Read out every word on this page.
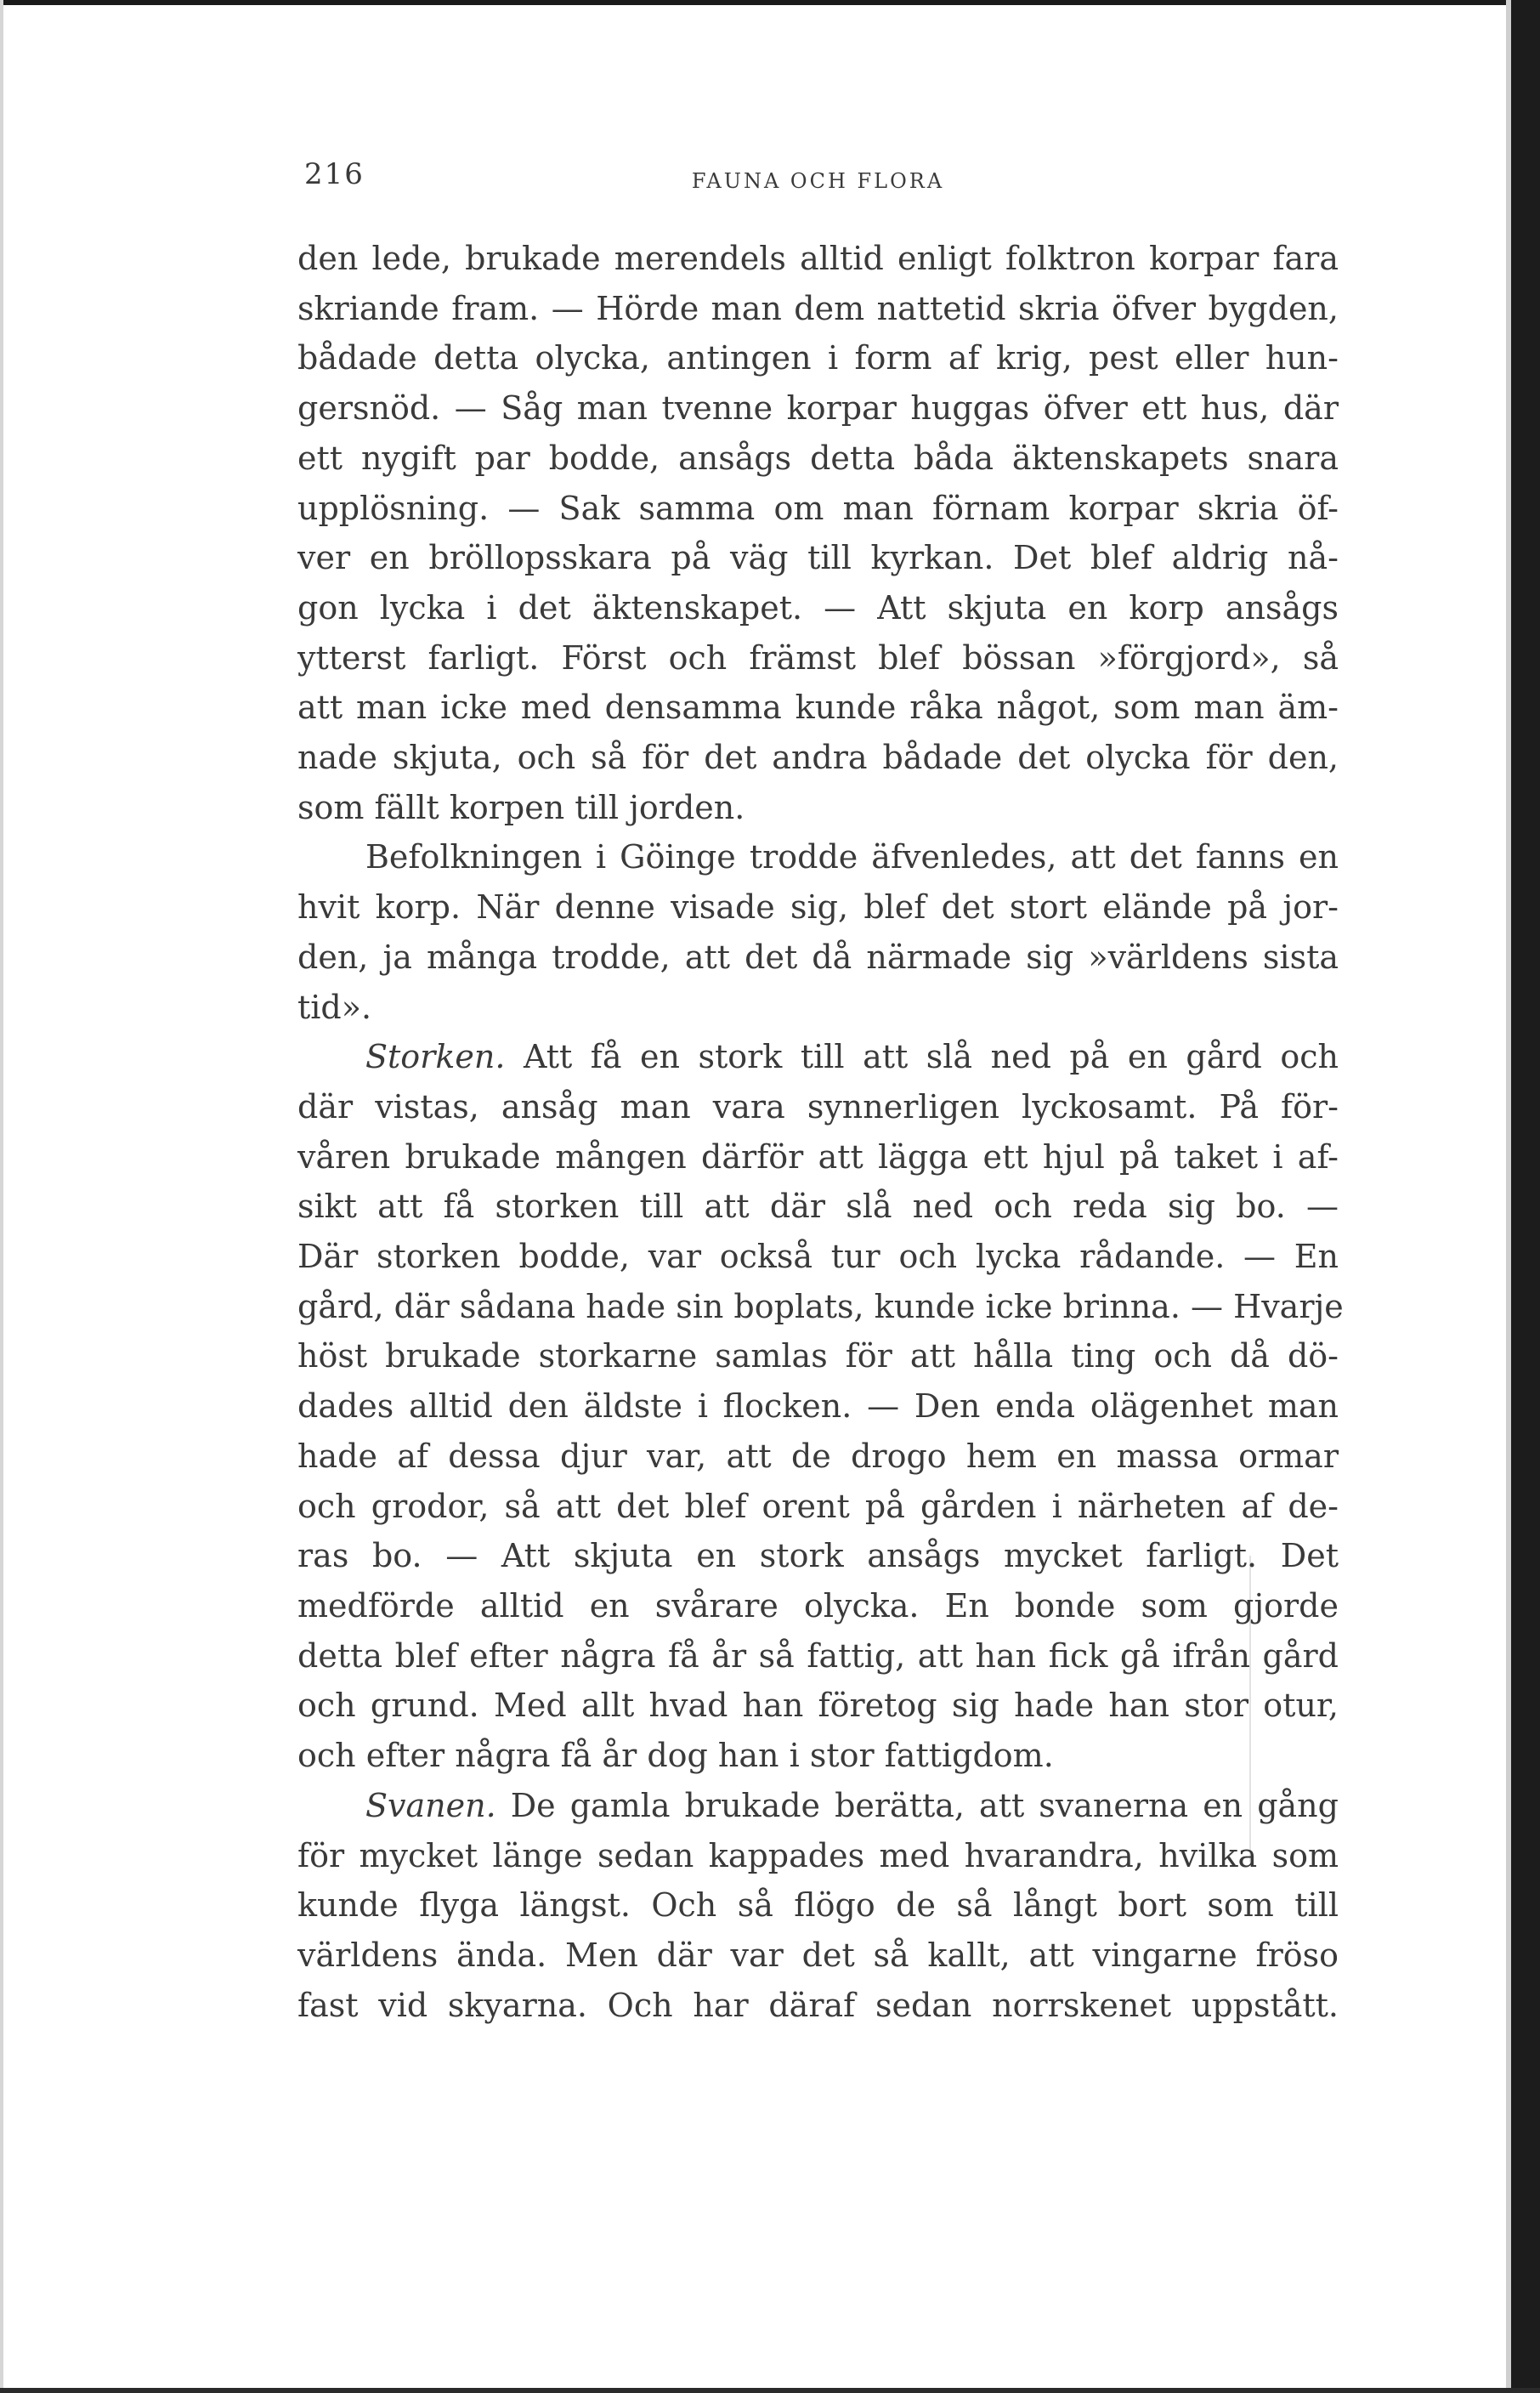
216	FAUNA OCH FLORA
den lede, brukade merendels alltid enligt folktron korpar fara
skriande fram. — Hörde man dem nattetid skria öfver bygden,
bådade detta olycka, antingen i form af krig, pest eller hun-
gersnöd. — Såg man tvenne korpar huggas öfver ett hus, där
ett nygift par bodde, ansågs detta båda äktenskapets snara
upplösning. — Sak samma om man förnam korpar skria öf-
ver en bröllopsskara på väg till kyrkan. Det blef aldrig nå-
gon lycka i det äktenskapet. — Att skjuta en korp ansågs
ytterst farligt. Först och främst blef bössan »förgjord», så
att man icke med densamma kunde råka något, som man äm-
nade skjuta, och så för det andra bådade det olycka för den,
som fällt korpen till jorden.
Befolkningen i Göinge trodde äfvenledes, att det fanns en
hvit korp. När denne visade sig, blef det stort elände på jor-
den, ja många trodde, att det då närmade sig »världens sista
tid».
Storken. Att få en stork till att slå ned på en gård och
där vistas, ansåg man vara synnerligen lyckosamt. På för-
våren brukade mången därför att lägga ett hjul på taket i af-
sikt att få storken till att där slå ned och reda sig bo. —
Där storken bodde, var också tur och lycka rådande. — En
gård, där sådana hade sin boplats, kunde icke brinna. — Hvarje
höst brukade storkarne samlas för att hålla ting och då dö-
dades alltid den äldste i flocken. — Den enda olägenhet man
hade af dessa djur var, att de drogo hem en massa ormar
och grodor, så att det blef orent på gården i närheten af de-
ras bo. — Att skjuta en stork ansågs mycket farligt. Det
medförde alltid en svårare olycka. En bonde som gjorde
detta blef efter några få år så fattig, att han fick gå ifrån gård
och grund. Med allt hvad han företog sig hade han stor otur,
och efter några få år dog han i stor fattigdom.
Svanen. De gamla brukade berätta, att svanerna en gång
för mycket länge sedan kappades med hvarandra, hvilka som
kunde flyga längst. Och så flögo de så långt bort som till
världens ända. Men där var det så kallt, att vingarne fröso
fast vid skyarna. Och har däraf sedan norrskenet uppstått.
